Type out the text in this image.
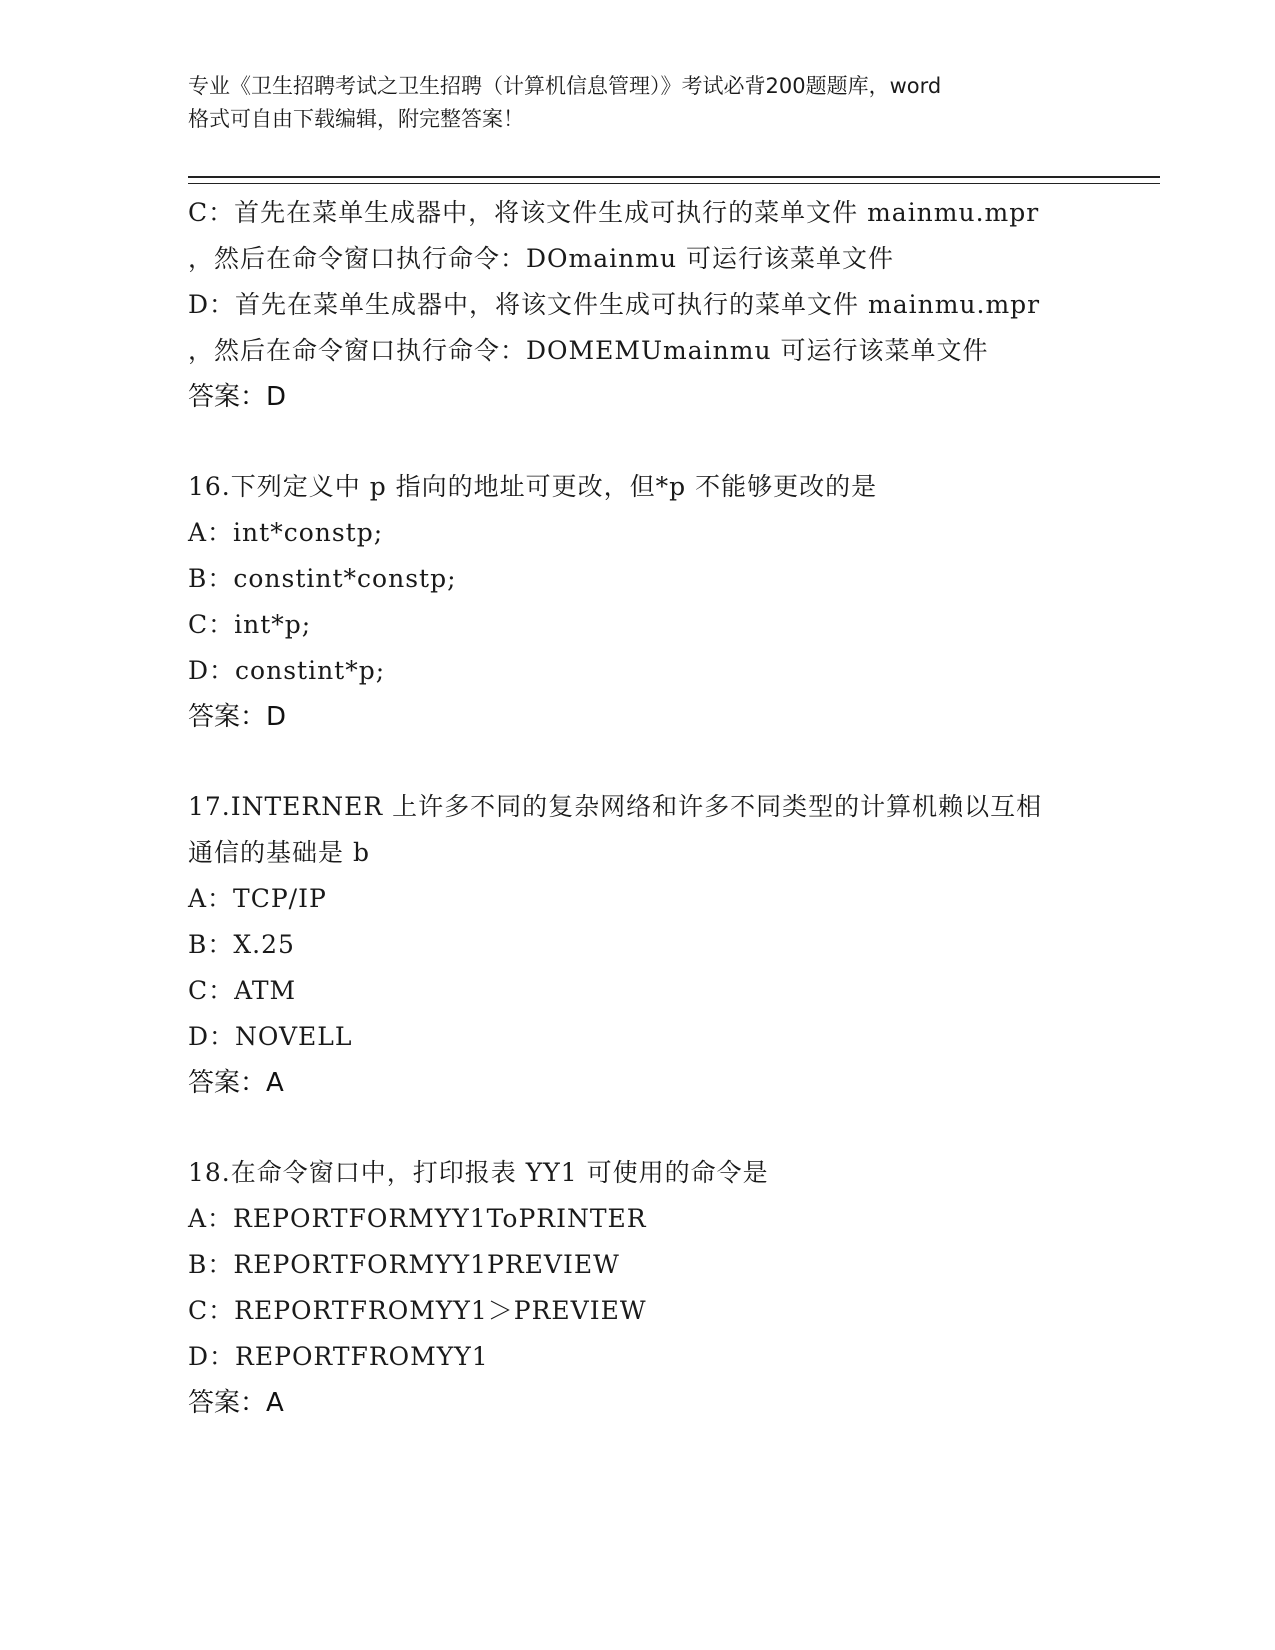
专业《卫生招聘考试之卫生招聘（计算机信息管理）》考试必背200题题库，word
格式可自由下载编辑，附完整答案！
C：首先在菜单生成器中，将该文件生成可执行的菜单文件 mainmu.mpr
，然后在命令窗口执行命令：DOmainmu 可运行该菜单文件
D：首先在菜单生成器中，将该文件生成可执行的菜单文件 mainmu.mpr
，然后在命令窗口执行命令：DOMEMUmainmu 可运行该菜单文件
答案：D
16.下列定义中 p 指向的地址可更改，但*p 不能够更改的是
A：int*constp;
B：constint*constp;
C：int*p;
D：constint*p;
答案：D
17.INTERNER 上许多不同的复杂网络和许多不同类型的计算机赖以互相
通信的基础是 b
A：TCP/IP
B：X.25
C：ATM
D：NOVELL
答案：A
18.在命令窗口中，打印报表 YY1 可使用的命令是
A：REPORTFORMYY1ToPRINTER
B：REPORTFORMYY1PREVIEW
C：REPORTFROMYY1＞PREVIEW
D：REPORTFROMYY1
答案：A
